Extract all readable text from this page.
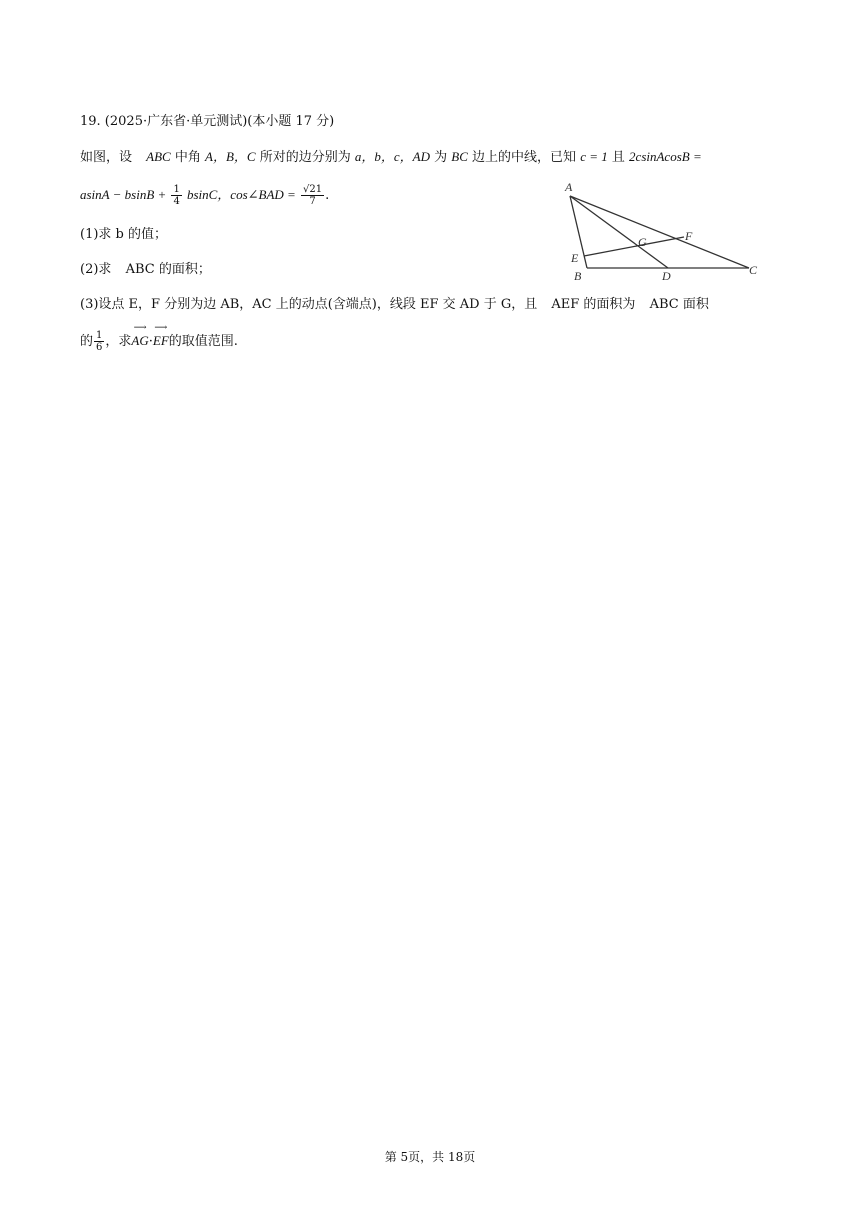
19. (2025·广东省·单元测试)(本小题 17 分)
如图，设 ABC 中角 A，B，C 所对的边分别为 a，b，c，AD 为 BC 边上的中线，已知 c = 1 且 2csinAcosB =
$asinA - bsinB + \frac{1}{4}$ bsinC，cos∠BAD = $\frac{√21}{7}$ .
(1)求 b 的值；
(2)求 ABC 的面积；
(3)设点 E，F 分别为边 AB，AC 上的动点(含端点)，线段 EF 交 AD 于 G，且 AEF 的面积为 ABC 面积
的 $\frac{1}{6}$ ，求
⟶
AG·
⟶
EF的取值范围.
A
B	C
D
E
F
G
第 5页，共 18页
